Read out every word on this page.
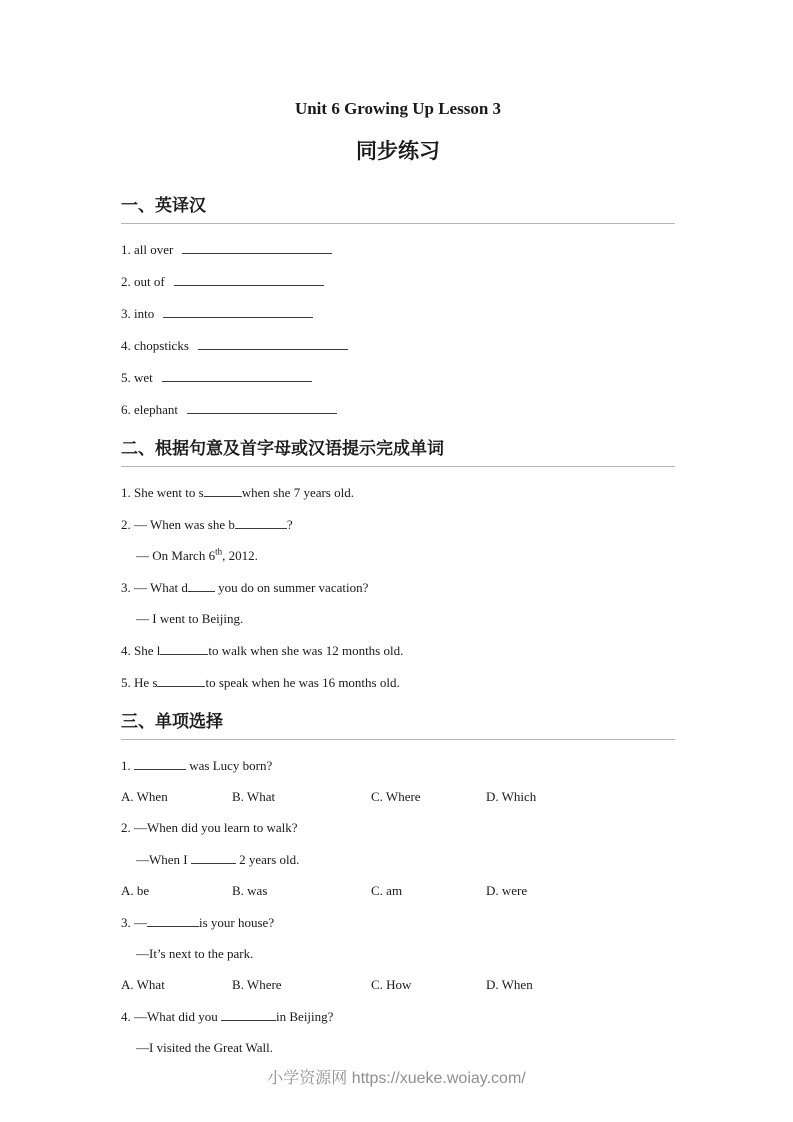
Unit 6 Growing Up Lesson 3
同步练习
一、英译汉

1. all over

2. out of

3. into

4. chopsticks

5. wet

6. elephant

二、根据句意及首字母或汉语提示完成单词

1. She went to s	when she 7 years old.

2. — When was she b	?

— On March 6th, 2012.

3. — What d you do on summer vacation?

— I went to Beijing.

4. She l	to walk when she was 12 months old.

5. He s	to speak when he was 16 months old.

三、单项选择

1.	was Lucy born?

A. When	B. What	C. Where	D. Which

2. —When did you learn to walk?

—When I	2 years old.

A. be	B. was	C. am	D. were

3. —	is your house?

—It’s next to the park.

A. What	B. Where	C. How	D. When

4. —What did you	in Beijing?

—I visited the Great Wall.

小学资源网 https://xueke.woiay.com/
